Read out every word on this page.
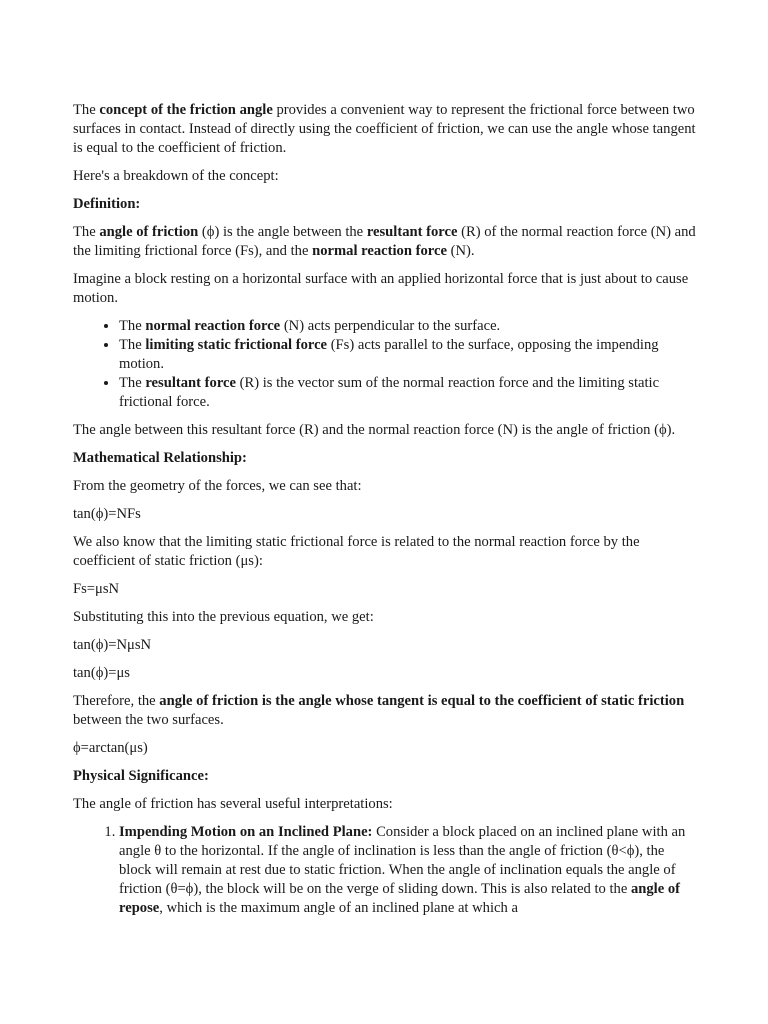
The concept of the friction angle provides a convenient way to represent the frictional force between two surfaces in contact. Instead of directly using the coefficient of friction, we can use the angle whose tangent is equal to the coefficient of friction.

Here's a breakdown of the concept:

Definition:

The angle of friction (ϕ) is the angle between the resultant force (R) of the normal reaction force (N) and the limiting frictional force (Fs), and the normal reaction force (N).

Imagine a block resting on a horizontal surface with an applied horizontal force that is just about to cause motion.

• The normal reaction force (N) acts perpendicular to the surface.
• The limiting static frictional force (Fs) acts parallel to the surface, opposing the impending motion.
• The resultant force (R) is the vector sum of the normal reaction force and the limiting static frictional force.

The angle between this resultant force (R) and the normal reaction force (N) is the angle of friction (ϕ).

Mathematical Relationship:

From the geometry of the forces, we can see that:

tan(ϕ)=NFs

We also know that the limiting static frictional force is related to the normal reaction force by the coefficient of static friction (μs):

Fs=μsN

Substituting this into the previous equation, we get:

tan(ϕ)=NμsN

tan(ϕ)=μs

Therefore, the angle of friction is the angle whose tangent is equal to the coefficient of static friction between the two surfaces.

ϕ=arctan(μs)

Physical Significance:

The angle of friction has several useful interpretations:

1. Impending Motion on an Inclined Plane: Consider a block placed on an inclined plane with an angle θ to the horizontal. If the angle of inclination is less than the angle of friction (θ<ϕ), the block will remain at rest due to static friction. When the angle of inclination equals the angle of friction (θ=ϕ), the block will be on the verge of sliding down. This is also related to the angle of repose, which is the maximum angle of an inclined plane at which a
